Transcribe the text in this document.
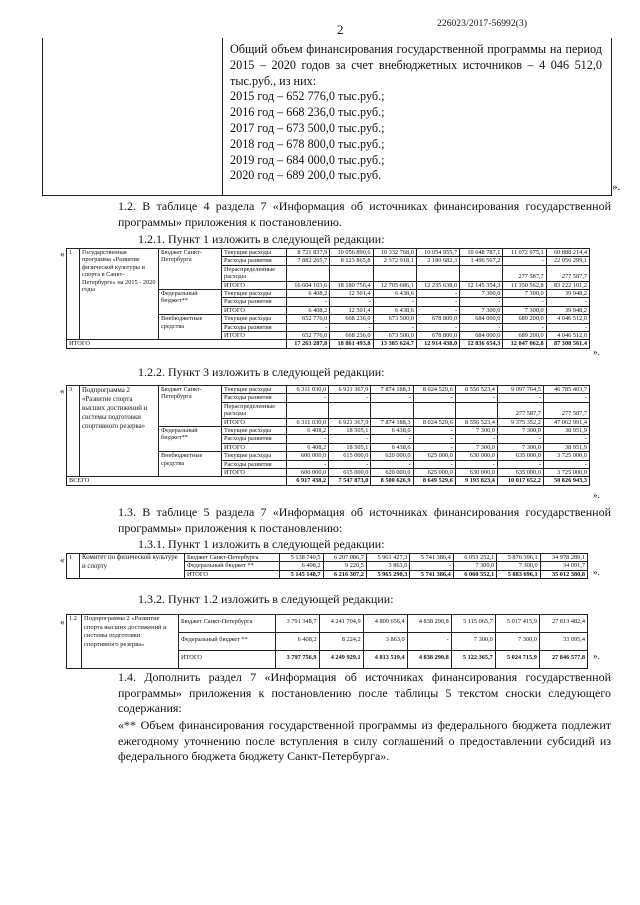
2	226023/2017-56992(3)
Общий объем финансирования государственной программы на период 2015 – 2020 годов за счет внебюджетных источников – 4 046 512,0 тыс.руб., из них:
2015 год – 652 776,0 тыс.руб.;
2016 год – 668 236,0 тыс.руб.;
2017 год – 673 500,0 тыс.руб.;
2018 год – 678 800,0 тыс.руб.;
2019 год – 684 000,0 тыс.руб.;
2020 год – 689 200,0 тыс.руб.
».
1.2. В таблице 4 раздела 7 «Информация об источниках финансирования государственной программы» приложения к постановлению.
1.2.1. Пункт 1 изложить в следующей редакции:
« 1	Государственная программа «Развитие физической культуры и спорта в Санкт-Петербурге» на 2015 - 2020 годы	Бюджет Санкт-Петербурга	Текущие расходы	8 721 837,9	10 056 890,6	10 332 768,0	10 054 955,7	10 648 787,1	11 072 975,1	60 888 214,4
			Расходы развития	7 882 265,7	8 123 865,8	2 372 918,1	2 180 682,3	1 496 567,2	-	22 056 299,1
			Нераспределенные расходы						277 587,7	277 587,7
			ИТОГО	16 604 103,6	18 180 756,4	12 705 686,1	12 235 638,0	12 145 354,3	11 350 562,8	83 222 101,2
		Федеральный бюджет**	Текущие расходы	6 408,2	12 501,4	6 438,6	-	7 300,0	7 300,0	39 948,2
			Расходы развития	-	-	-	-	-	-	-
			ИТОГО	6 408,2	12 501,4	6 438,6	-	7 300,0	7 300,0	39 948,2
		Внебюджетные средства	Текущие расходы	652 776,0	668 236,0	673 500,0	678 800,0	684 000,0	689 200,0	4 046 512,0
			Расходы развития	-	-	-	-	-	-	-
			ИТОГО	652 776,0	668 236,0	673 500,0	678 800,0	684 000,0	689 200,0	4 046 512,0
ИТОГО				17 263 287,8	18 861 493,8	13 385 624,7	12 914 438,0	12 836 654,3	12 047 062,8	87 308 561,4
».
1.2.2. Пункт 3 изложить в следующей редакции:
« 3	Подпрограмма 2 «Развитие спорта высших достижений и системы подготовки спортивного резерва»	Бюджет Санкт-Петербурга	Текущие расходы	6 311 030,0	6 921 367,9	7 874 188,3	8 024 529,6	8 556 523,4	9 097 764,5	46 785 403,7
			Расходы развития	-	-	-	-	-	-	-
			Нераспределенные расходы						277 587,7	277 587,7
			ИТОГО	6 311 030,0	6 921 367,9	7 874 188,3	8 024 529,6	8 556 523,4	9 375 352,2	47 062 991,4
		Федеральный бюджет**	Текущие расходы	6 408,2	18 505,1	6 438,6	-	7 300,0	7 300,0	38 951,9
			Расходы развития	-	-	-	-	-	-	-
			ИТОГО	6 408,2	18 505,1	6 438,6	-	7 300,0	7 300,0	38 951,9
		Внебюджетные средства	Текущие расходы	600 000,0	615 000,0	620 000,0	625 000,0	630 000,0	635 000,0	3 725 000,0
			Расходы развития	-	-	-	-	-	-	-
			ИТОГО	600 000,0	615 000,0	620 000,0	625 000,0	630 000,0	635 000,0	3 725 000,0
ВСЕГО				6 917 438,2	7 547 873,0	8 500 626,9	8 649 529,6	9 193 823,4	10 017 652,2	50 826 943,3
».
1.3. В таблице 5 раздела 7 «Информация об источниках финансирования государственной программы» приложения к постановлению:
1.3.1. Пункт 1 изложить в следующей редакции:
« 1	Комитет по физической культуре и спорту	Бюджет Санкт-Петербурга	5 138 740,5	6 207 086,7	5 961 427,3	5 741 386,4	6 053 252,1	5 876 396,1	34 978 289,1
		Федеральный бюджет **	6 408,2	9 220,5	3 863,0	-	7 300,0	7 300,0	34 091,7
		ИТОГО	5 145 148,7	6 216 307,2	5 965 290,3	5 741 386,4	6 060 552,1	5 883 696,1	35 012 380,8 ».
1.3.2. Пункт 1.2 изложить в следующей редакции:
« 1.2	Подпрограмма 2 «Развитие спорта высших достижений и системы подготовки спортивного резерва»	Бюджет Санкт-Петербурга	3 791 348,7	4 241 704,9	4 809 656,4	4 838 290,8	5 115 065,7	5 017 415,9	27 813 482,4
		Федеральный бюджет **	6 408,2	8 224,2	3 863,0	-	7 300,0	7 300,0	33 095,4
		ИТОГО	3 797 756,9	4 249 929,1	4 813 519,4	4 838 290,8	5 122 365,7	5 024 715,9	27 846 577,8 ».
1.4. Дополнить раздел 7 «Информация об источниках финансирования государственной программы» приложения к постановлению после таблицы 5 текстом сноски следующего содержания:
«** Объем финансирования государственной программы из федерального бюджета подлежит ежегодному уточнению после вступления в силу соглашений о предоставлении субсидий из федерального бюджета бюджету Санкт-Петербурга».
